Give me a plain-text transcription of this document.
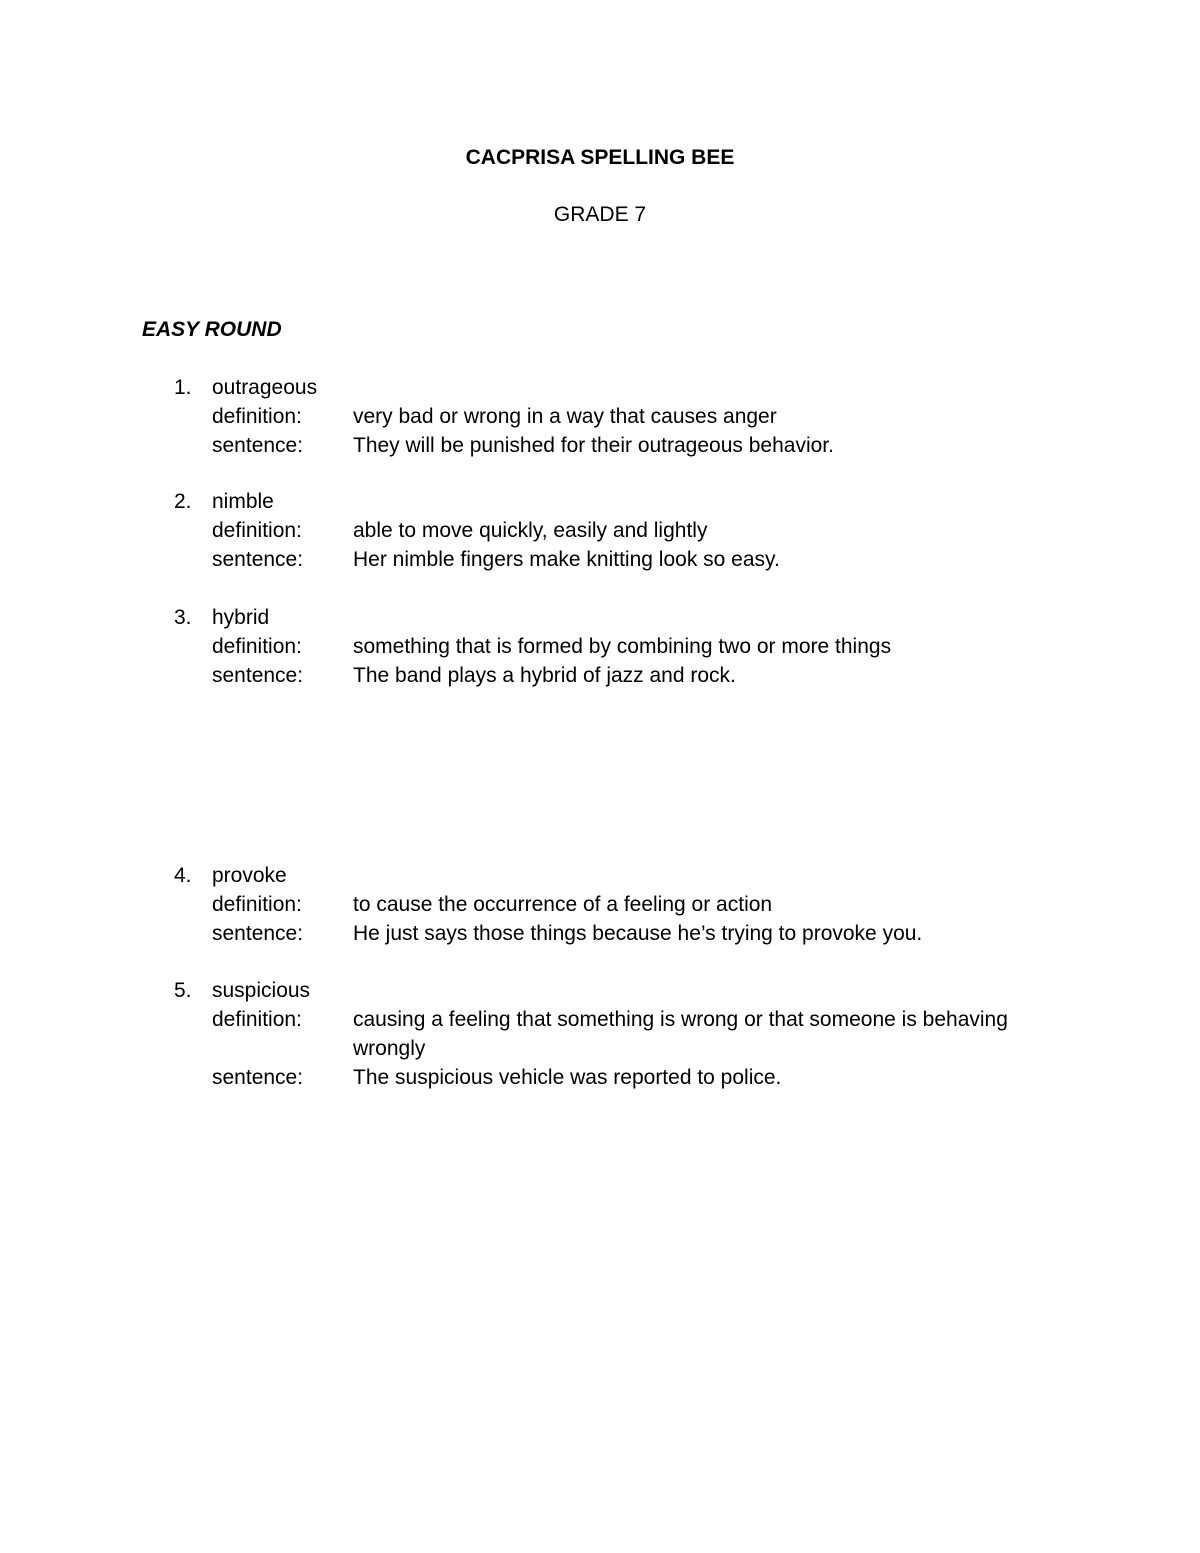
CACPRISA SPELLING BEE
GRADE 7
EASY ROUND
1. outrageous
definition:	very bad or wrong in a way that causes anger
sentence:	They will be punished for their outrageous behavior.
2. nimble
definition:	able to move quickly, easily and lightly
sentence:	Her nimble fingers make knitting look so easy.
3. hybrid
definition:	something that is formed by combining two or more things
sentence:	The band plays a hybrid of jazz and rock.
4. provoke
definition:	to cause the occurrence of a feeling or action
sentence:	He just says those things because he’s trying to provoke you.
5. suspicious
definition:	causing a feeling that something is wrong or that someone is behaving wrongly
sentence:	The suspicious vehicle was reported to police.
